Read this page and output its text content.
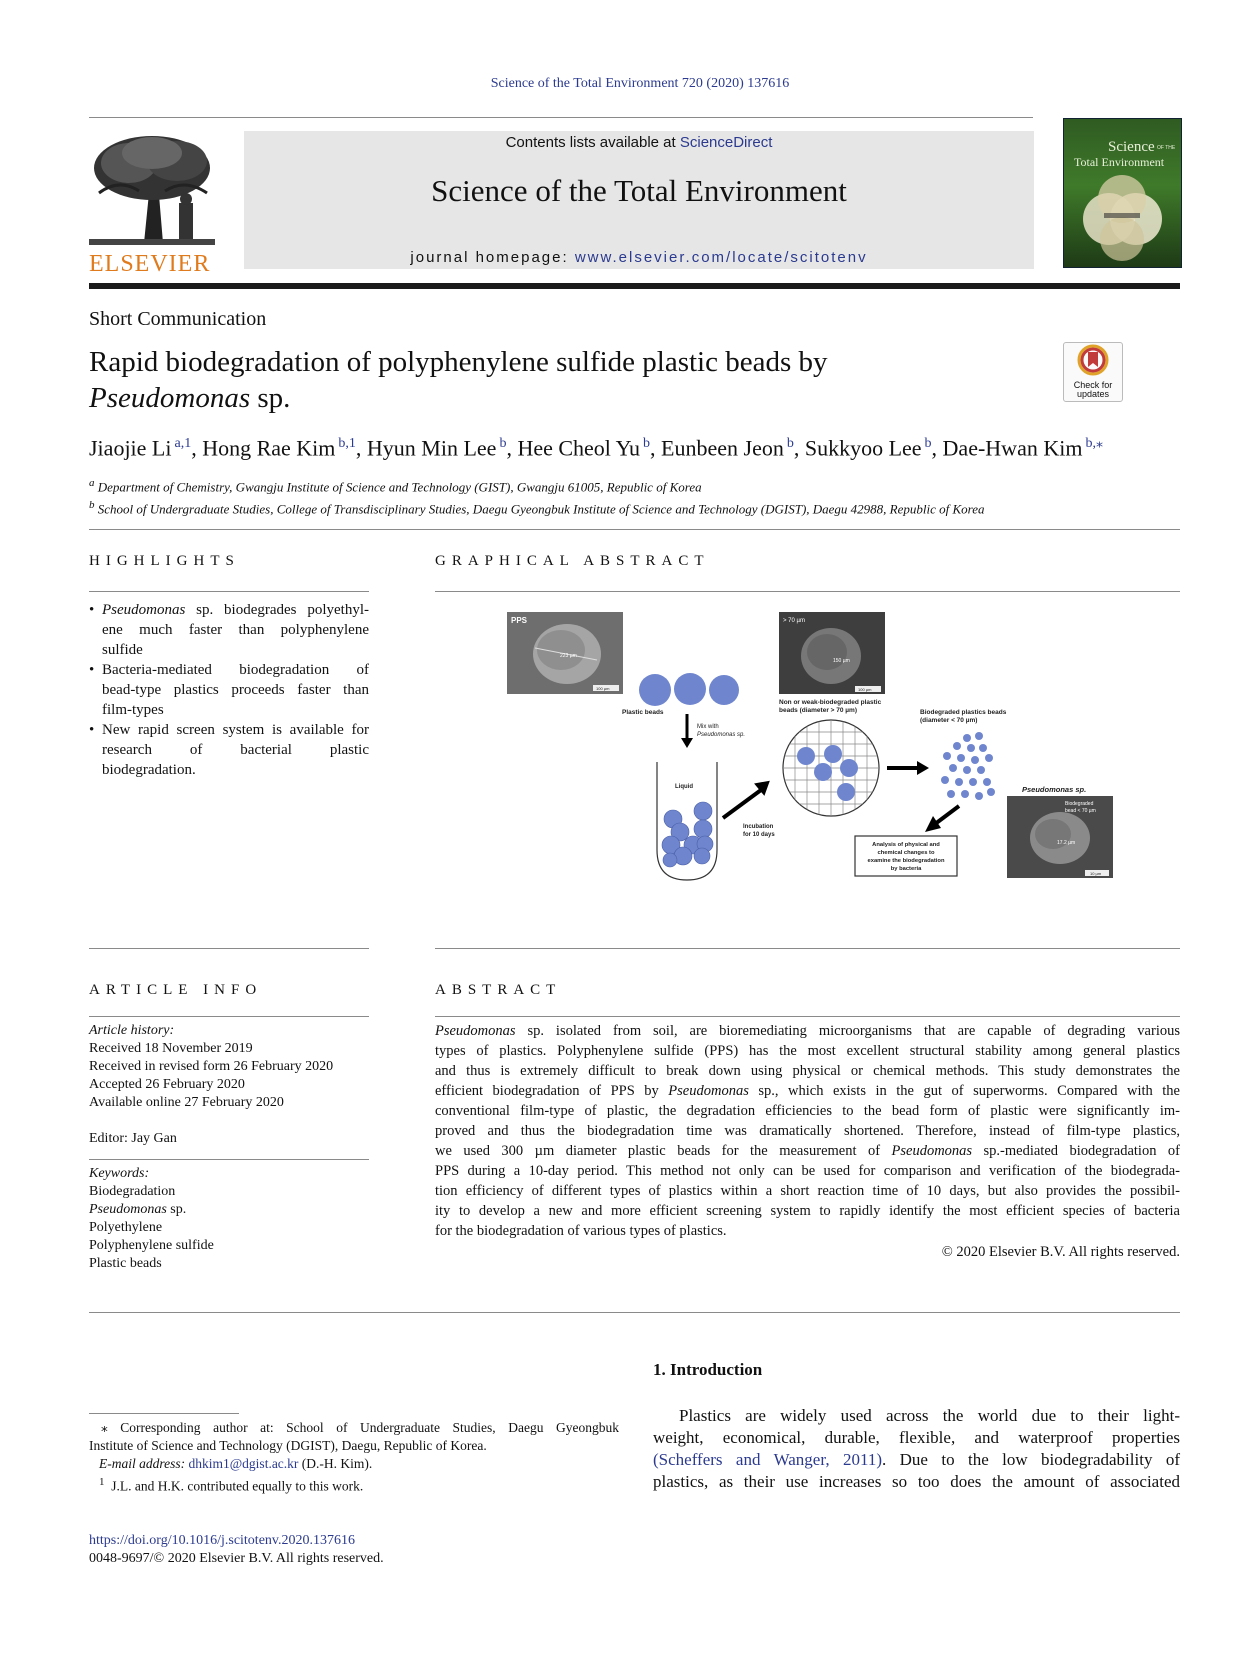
Science of the Total Environment 720 (2020) 137616
ELSEVIER
Contents lists available at ScienceDirect
Science of the Total Environment
journal homepage: www.elsevier.com/locate/scitotenv
Science OF THE
Total Environment
Short Communication
Rapid biodegradation of polyphenylene sulfide plastic beads by
Pseudomonas sp.	Check for
updates
Jiaojie Li $^{a,1}$, Hong Rae Kim $^{b,1}$, Hyun Min Lee $^b$, Hee Cheol Yu $^b$, Eunbeen Jeon $^b$, Sukkyoo Lee $^b$, Dae-Hwan Kim $^{b,⁎}$
$^a$ Department of Chemistry, Gwangju Institute of Science and Technology (GIST), Gwangju 61005, Republic of Korea
$^b$ School of Undergraduate Studies, College of Transdisciplinary Studies, Daegu Gyeongbuk Institute of Science and Technology (DGIST), Daegu 42988, Republic of Korea
HIGHLIGHTS
• Pseudomonas sp. biodegrades polyethyl-
ene much faster than polyphenylene
sulfide
• Bacteria-mediated biodegradation of
bead-type plastics proceeds faster than
film-types
• New rapid screen system is available for
research of bacterial plastic
biodegradation.
GRAPHICAL ABSTRACT
PPS
223 µm
100 µm
Plastic beads
Mix with
Pseudomonas sp.
Liquid
Incubation
for 10 days
> 70 µm
150 µm
100 µm
Non or weak-biodegraded plastic
beads (diameter > 70 µm)	Biodegraded plastics beads
(diameter < 70 µm)
Analysis of physical and
chemical changes to
examine the biodegradation
by bacteria
Pseudomonas sp.
Biodegraded
bead < 70 µm
17.2 µm
10 µm
ARTICLE INFO
Article history:
Received 18 November 2019
Received in revised form 26 February 2020
Accepted 26 February 2020
Available online 27 February 2020
Editor: Jay Gan
Keywords:
Biodegradation
Pseudomonas sp.
Polyethylene
Polyphenylene sulfide
Plastic beads
ABSTRACT
Pseudomonas sp. isolated from soil, are bioremediating microorganisms that are capable of degrading various
types of plastics. Polyphenylene sulfide (PPS) has the most excellent structural stability among general plastics
and thus is extremely difficult to break down using physical or chemical methods. This study demonstrates the
efficient biodegradation of PPS by Pseudomonas sp., which exists in the gut of superworms. Compared with the
conventional film-type of plastic, the degradation efficiencies to the bead form of plastic were significantly im-
proved and thus the biodegradation time was dramatically shortened. Therefore, instead of film-type plastics,
we used 300 µm diameter plastic beads for the measurement of Pseudomonas sp.-mediated biodegradation of
PPS during a 10-day period. This method not only can be used for comparison and verification of the biodegrada-
tion efficiency of different types of plastics within a short reaction time of 10 days, but also provides the possibil-
ity to develop a new and more efficient screening system to rapidly identify the most efficient species of bacteria
for the biodegradation of various types of plastics.
© 2020 Elsevier B.V. All rights reserved.
1. Introduction
Plastics are widely used across the world due to their light-
weight, economical, durable, flexible, and waterproof properties
(Scheffers and Wanger, 2011). Due to the low biodegradability of
plastics, as their use increases so too does the amount of associated
⁎ Corresponding author at: School of Undergraduate Studies, Daegu Gyeongbuk
Institute of Science and Technology (DGIST), Daegu, Republic of Korea.
E-mail address: dhkim1@dgist.ac.kr (D.-H. Kim).
$^1$ J.L. and H.K. contributed equally to this work.
https://doi.org/10.1016/j.scitotenv.2020.137616
0048-9697/© 2020 Elsevier B.V. All rights reserved.
